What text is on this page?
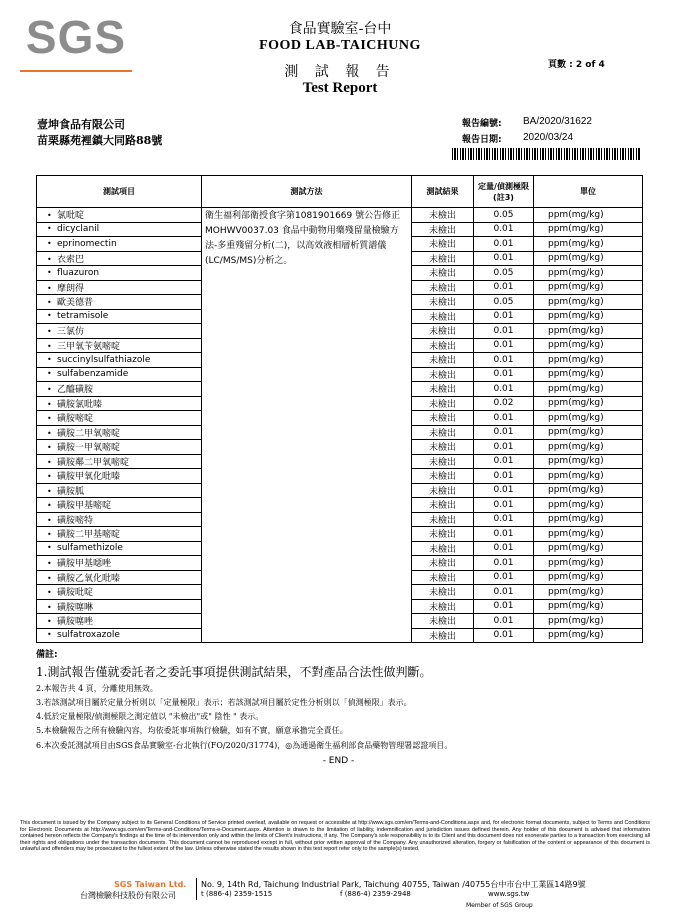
SGS	食品實驗室-台中
FOOD LAB-TAICHUNG
測 試 報 告
Test Report
頁數 : 2 of 4
壹坤食品有限公司
苗栗縣苑裡鎮大同路88號
報告編號: BA/2020/31622
報告日期: 2020/03/24
測試項目	測試方法	測試結果	定量/偵測極限(註3)	單位
• 氯吡啶	衛生福利部衛授食字第1081901669 號公告修正MOHWV0037.03 食品中動物用藥殘留量檢驗方法-多重殘留分析(二)，以高效液相層析質譜儀(LC/MS/MS)分析之。	未檢出	0.05	ppm(mg/kg)
• dicyclanil		未檢出	0.01	ppm(mg/kg)
• eprinomectin		未檢出	0.01	ppm(mg/kg)
• 衣索巴		未檢出	0.01	ppm(mg/kg)
• fluazuron		未檢出	0.05	ppm(mg/kg)
• 摩朗得		未檢出	0.01	ppm(mg/kg)
• 歐美德普		未檢出	0.05	ppm(mg/kg)
• tetramisole		未檢出	0.01	ppm(mg/kg)
• 三氯仿		未檢出	0.01	ppm(mg/kg)
• 三甲氧苄氨嘧啶		未檢出	0.01	ppm(mg/kg)
• succinylsulfathiazole		未檢出	0.01	ppm(mg/kg)
• sulfabenzamide		未檢出	0.01	ppm(mg/kg)
• 乙醯磺胺		未檢出	0.01	ppm(mg/kg)
• 磺胺氯吡嗪		未檢出	0.02	ppm(mg/kg)
• 磺胺嘧啶		未檢出	0.01	ppm(mg/kg)
• 磺胺二甲氧嘧啶		未檢出	0.01	ppm(mg/kg)
• 磺胺一甲氧嘧啶		未檢出	0.01	ppm(mg/kg)
• 磺胺鄰二甲氧嘧啶		未檢出	0.01	ppm(mg/kg)
• 磺胺甲氧化吡嗪		未檢出	0.01	ppm(mg/kg)
• 磺胺胍		未檢出	0.01	ppm(mg/kg)
• 磺胺甲基嘧啶		未檢出	0.01	ppm(mg/kg)
• 磺胺嘧特		未檢出	0.01	ppm(mg/kg)
• 磺胺二甲基嘧啶		未檢出	0.01	ppm(mg/kg)
• sulfamethizole		未檢出	0.01	ppm(mg/kg)
• 磺胺甲基噁唑		未檢出	0.01	ppm(mg/kg)
• 磺胺乙氧化吡嗪		未檢出	0.01	ppm(mg/kg)
• 磺胺吡啶		未檢出	0.01	ppm(mg/kg)
• 磺胺噻啉		未檢出	0.01	ppm(mg/kg)
• 磺胺噻唑		未檢出	0.01	ppm(mg/kg)
• sulfatroxazole		未檢出	0.01	ppm(mg/kg)
備註:
1.測試報告僅就委託者之委託事項提供測試結果，不對產品合法性做判斷。
2.本報告共 4 頁，分離使用無效。
3.若該測試項目屬於定量分析則以「定量極限」表示；若該測試項目屬於定性分析則以「偵測極限」表示。
4.低於定量極限/偵測極限之測定值以 "未檢出"或" 陰性 " 表示。
5.本檢驗報告之所有檢驗內容，均依委託事項執行檢驗，如有不實，願意承擔完全責任。
6.本次委託測試項目由SGS食品實驗室-台北執行(FO/2020/31774)，◎為通過衛生福利部食品藥物管理署認證項目。
- END -
This document is issued by the Company subject to its General Conditions of Service printed overleaf, available on request or accessible at http://www.sgs.com/en/Terms-and-Conditions.aspx and, for electronic format documents, subject to Terms and Conditions for Electronic Documents at http://www.sgs.com/en/Terms-and-Conditions/Terms-e-Document.aspx. Attention is drawn to the limitation of liability, indemnification and jurisdiction issues defined therein. Any holder of this document is advised that information contained hereon reflects the Company's findings at the time of its intervention only and within the limits of Client's instructions, if any. The Company's sole responsibility is to its Client and this document does not exonerate parties to a transaction from exercising all their rights and obligations under the transaction documents. This document cannot be reproduced except in full, without prior written approval of the Company. Any unauthorized alteration, forgery or falsification of the content or appearance of this document is unlawful and offenders may be prosecuted to the fullest extent of the law. Unless otherwise stated the results shown in this test report refer only to the sample(s) tested.
SGS Taiwan Ltd.
台灣檢驗科技股份有限公司
No. 9, 14th Rd, Taichung Industrial Park, Taichung 40755, Taiwan /40755台中市台中工業區14路9號
t (886-4) 2359-1515	f (886-4) 2359-2948	www.sgs.tw
Member of SGS Group
